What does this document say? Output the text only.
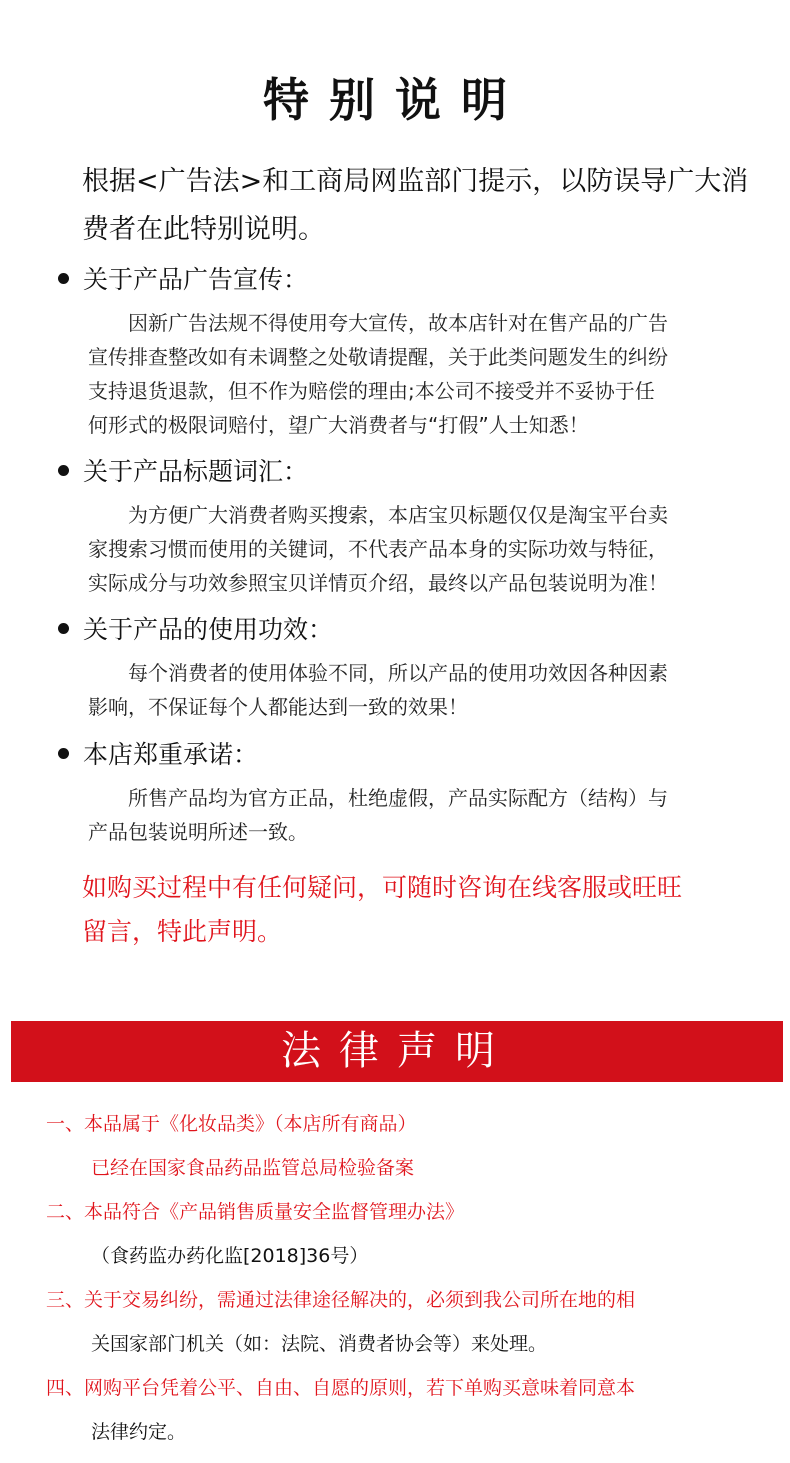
特别说明
根据<广告法>和工商局网监部门提示，以防误导广大消
费者在此特别说明。
关于产品广告宣传：
因新广告法规不得使用夸大宣传，故本店针对在售产品的广告
宣传排查整改如有未调整之处敬请提醒，关于此类问题发生的纠纷
支持退货退款，但不作为赔偿的理由;本公司不接受并不妥协于任
何形式的极限词赔付，望广大消费者与“打假”人士知悉！
关于产品标题词汇：
为方便广大消费者购买搜索，本店宝贝标题仅仅是淘宝平台卖
家搜索习惯而使用的关键词，不代表产品本身的实际功效与特征，
实际成分与功效参照宝贝详情页介绍，最终以产品包装说明为准！
关于产品的使用功效：
每个消费者的使用体验不同，所以产品的使用功效因各种因素
影响，不保证每个人都能达到一致的效果！
本店郑重承诺：
所售产品均为官方正品，杜绝虚假，产品实际配方（结构）与
产品包装说明所述一致。
如购买过程中有任何疑问，可随时咨询在线客服或旺旺
留言，特此声明。
法律声明
一、本品属于《化妆品类》（本店所有商品）
已经在国家食品药品监管总局检验备案
二、本品符合《产品销售质量安全监督管理办法》
（食药监办药化监[2018]36号）
三、关于交易纠纷，需通过法律途径解决的，必须到我公司所在地的相
关国家部门机关（如：法院、消费者协会等）来处理。
四、网购平台凭着公平、自由、自愿的原则，若下单购买意味着同意本
法律约定。
